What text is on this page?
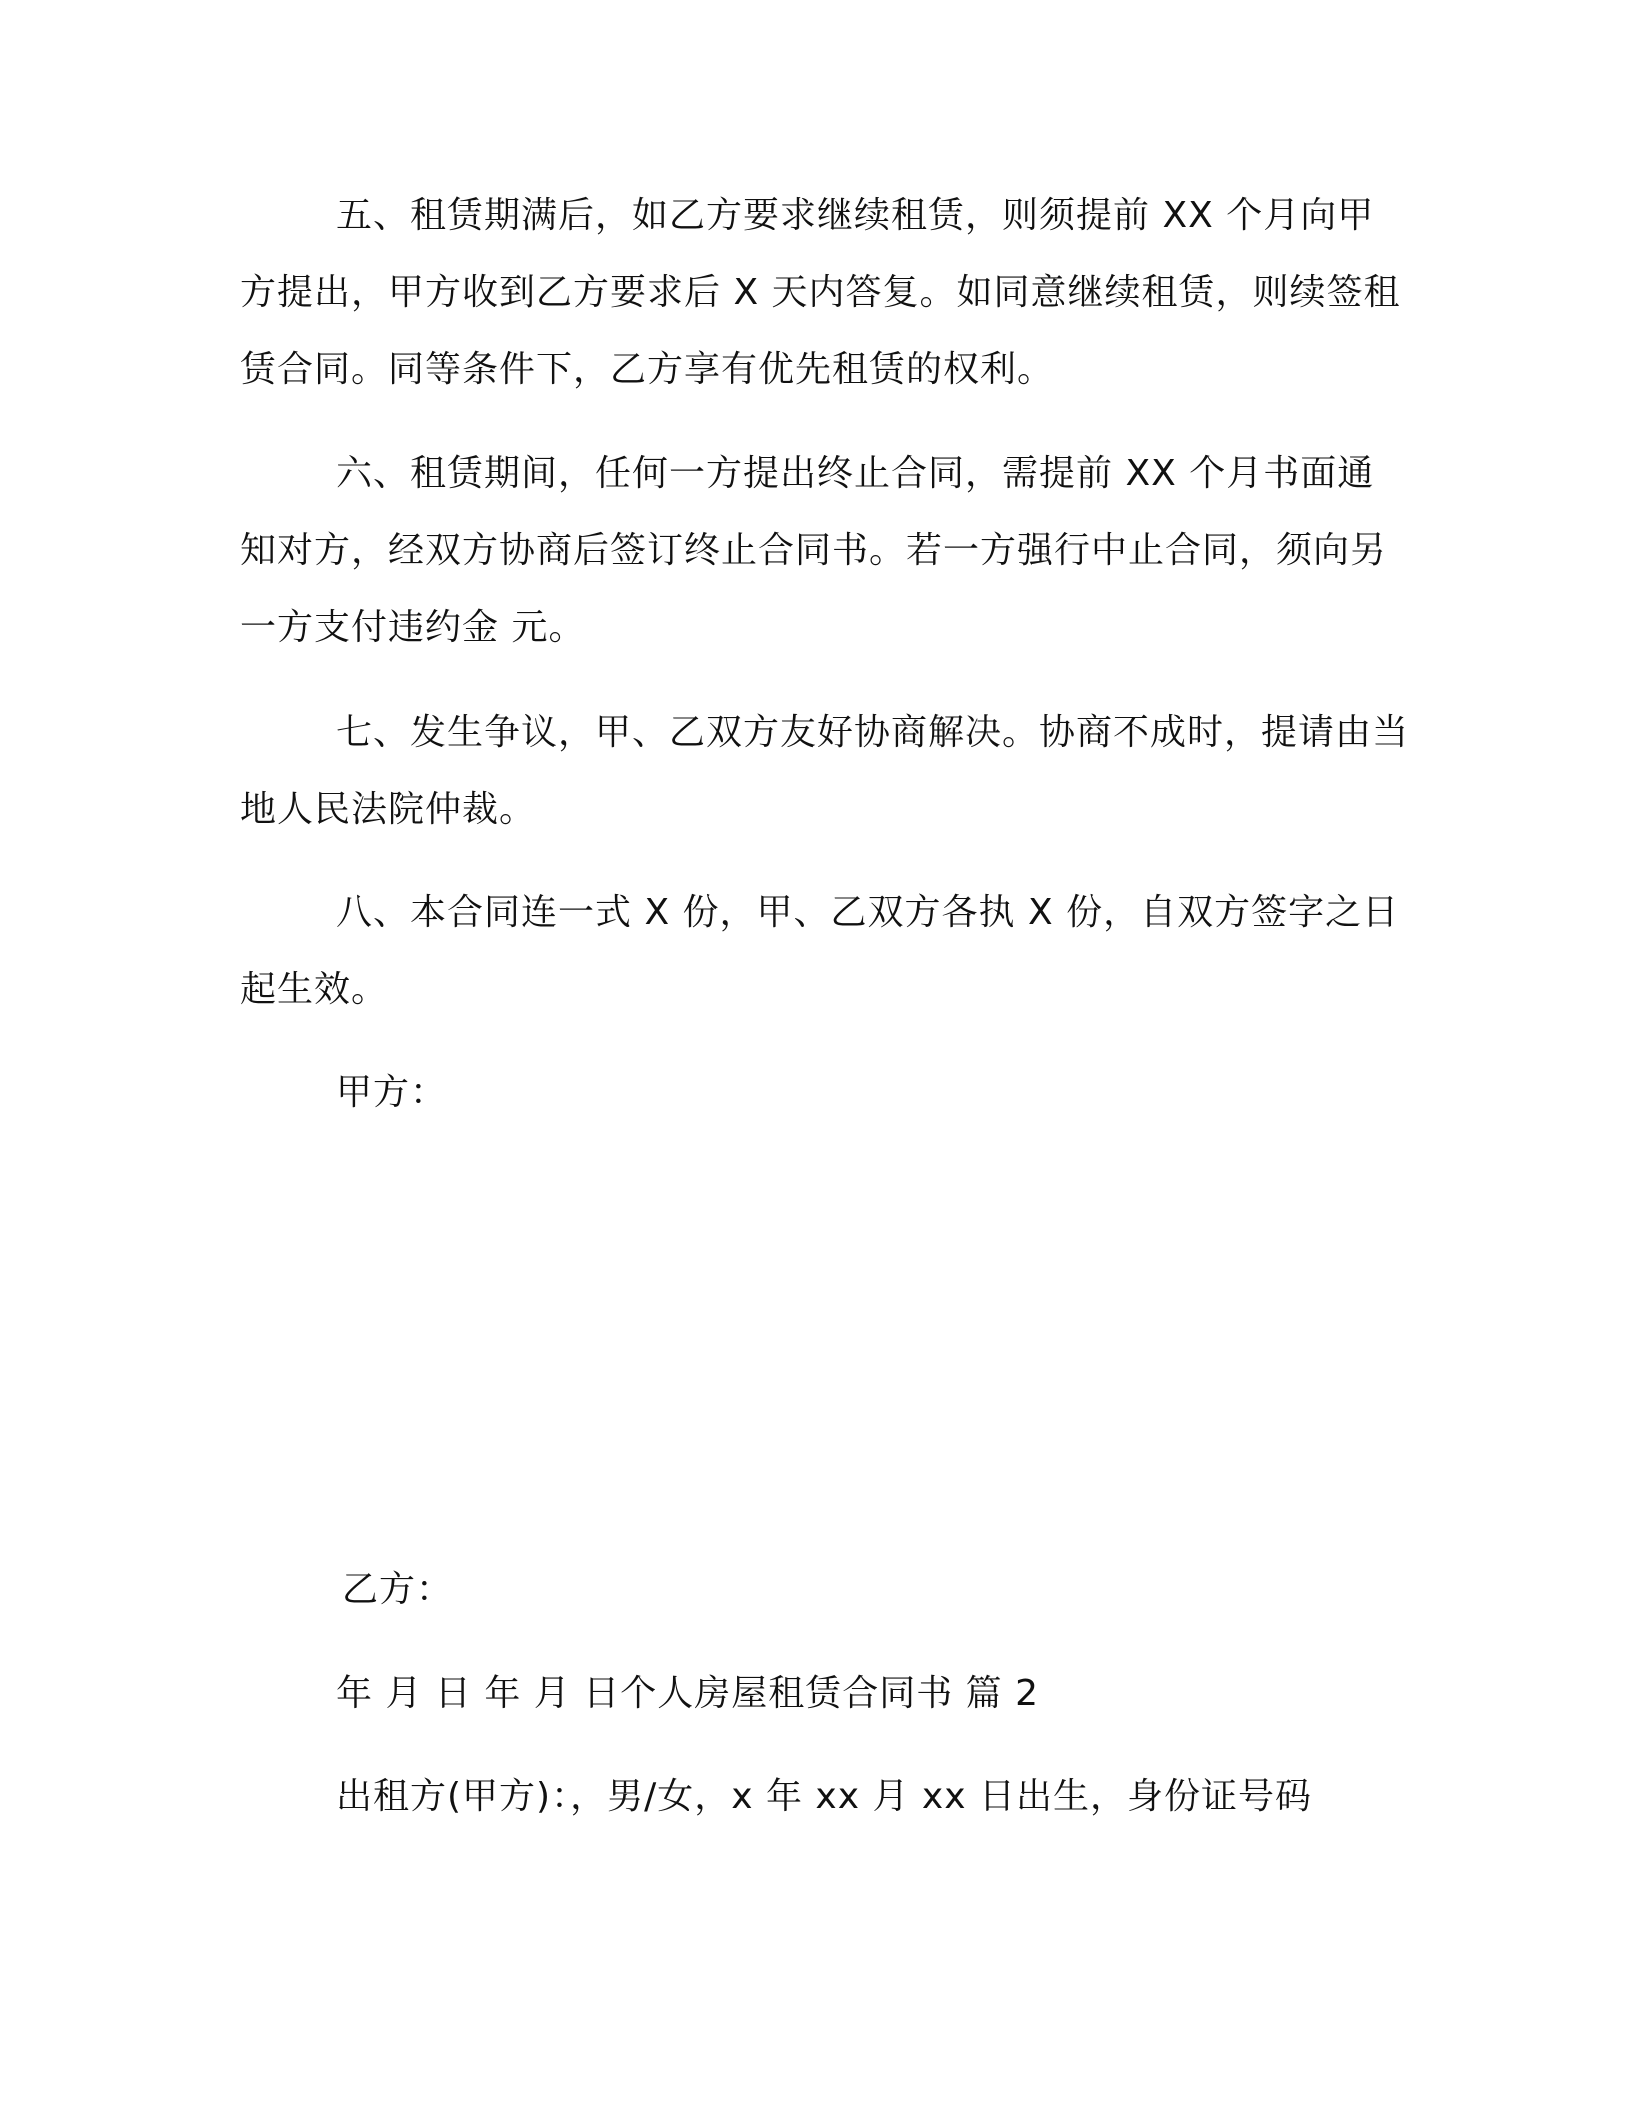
五、租赁期满后，如乙方要求继续租赁，则须提前 XX 个月向甲方提出，甲方收到乙方要求后 X 天内答复。如同意继续租赁，则续签租赁合同。同等条件下，乙方享有优先租赁的权利。

六、租赁期间，任何一方提出终止合同，需提前 XX 个月书面通知对方，经双方协商后签订终止合同书。若一方强行中止合同，须向另一方支付违约金 元。

七、发生争议，甲、乙双方友好协商解决。协商不成时，提请由当地人民法院仲裁。

八、本合同连一式 X 份，甲、乙双方各执 X 份，自双方签字之日起生效。

甲方：

乙方：

年 月 日 年 月 日个人房屋租赁合同书 篇 2

出租方(甲方)：，男/女，x 年 xx 月 xx 日出生，身份证号码
